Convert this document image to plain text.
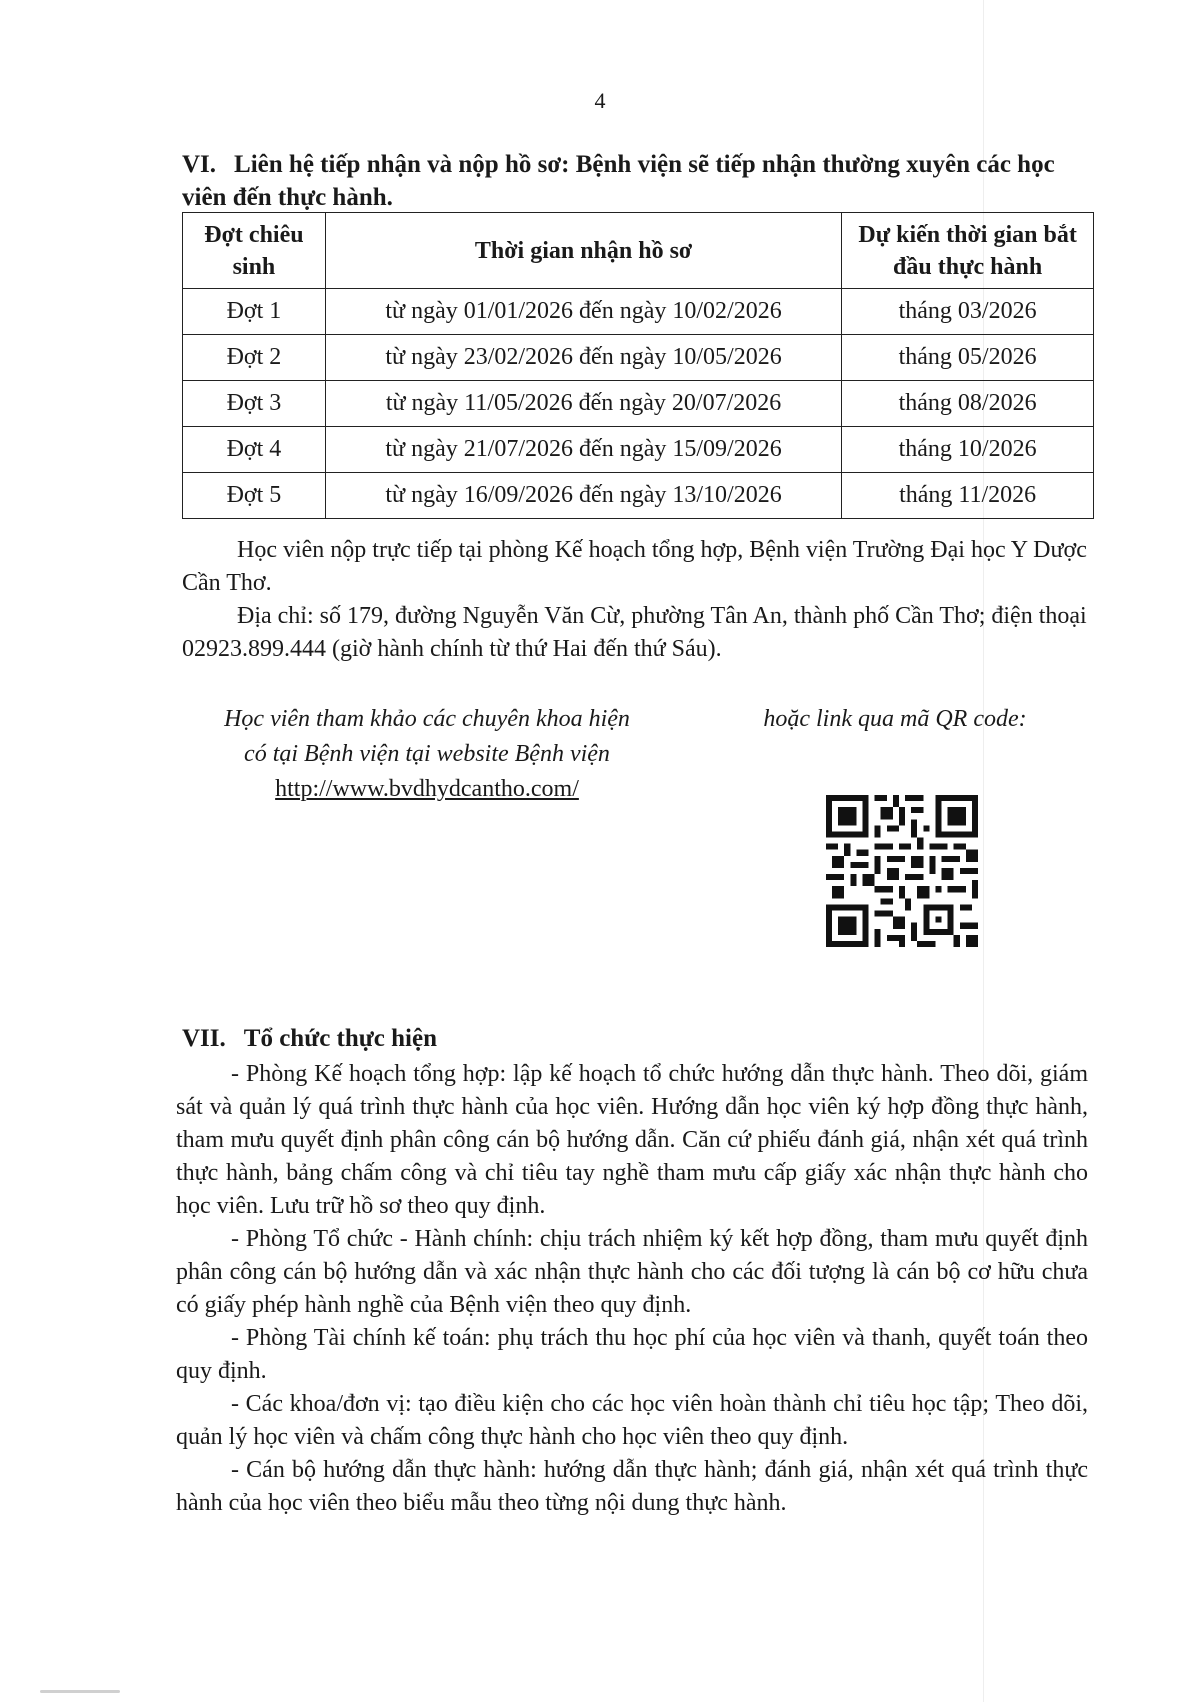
4
VI. Liên hệ tiếp nhận và nộp hồ sơ: Bệnh viện sẽ tiếp nhận thường xuyên các học viên đến thực hành.
Đợt chiêu sinh	Thời gian nhận hồ sơ	Dự kiến thời gian bắt đầu thực hành
Đợt 1	từ ngày 01/01/2026 đến ngày 10/02/2026	tháng 03/2026
Đợt 2	từ ngày 23/02/2026 đến ngày 10/05/2026	tháng 05/2026
Đợt 3	từ ngày 11/05/2026 đến ngày 20/07/2026	tháng 08/2026
Đợt 4	từ ngày 21/07/2026 đến ngày 15/09/2026	tháng 10/2026
Đợt 5	từ ngày 16/09/2026 đến ngày 13/10/2026	tháng 11/2026
Học viên nộp trực tiếp tại phòng Kế hoạch tổng hợp, Bệnh viện Trường Đại học Y Dược Cần Thơ.
Địa chỉ: số 179, đường Nguyễn Văn Cừ, phường Tân An, thành phố Cần Thơ; điện thoại 02923.899.444 (giờ hành chính từ thứ Hai đến thứ Sáu).
Học viên tham khảo các chuyên khoa hiện
có tại Bệnh viện tại website Bệnh viện
http://www.bvdhydcantho.com/
hoặc link qua mã QR code:
VII. Tổ chức thực hiện

- Phòng Kế hoạch tổng hợp: lập kế hoạch tổ chức hướng dẫn thực hành. Theo dõi, giám sát và quản lý quá trình thực hành của học viên. Hướng dẫn học viên ký hợp đồng thực hành, tham mưu quyết định phân công cán bộ hướng dẫn. Căn cứ phiếu đánh giá, nhận xét quá trình thực hành, bảng chấm công và chỉ tiêu tay nghề tham mưu cấp giấy xác nhận thực hành cho học viên. Lưu trữ hồ sơ theo quy định.

- Phòng Tổ chức - Hành chính: chịu trách nhiệm ký kết hợp đồng, tham mưu quyết định phân công cán bộ hướng dẫn và xác nhận thực hành cho các đối tượng là cán bộ cơ hữu chưa có giấy phép hành nghề của Bệnh viện theo quy định.

- Phòng Tài chính kế toán: phụ trách thu học phí của học viên và thanh, quyết toán theo quy định.

- Các khoa/đơn vị: tạo điều kiện cho các học viên hoàn thành chỉ tiêu học tập; Theo dõi, quản lý học viên và chấm công thực hành cho học viên theo quy định.

- Cán bộ hướng dẫn thực hành: hướng dẫn thực hành; đánh giá, nhận xét quá trình thực hành của học viên theo biểu mẫu theo từng nội dung thực hành.
